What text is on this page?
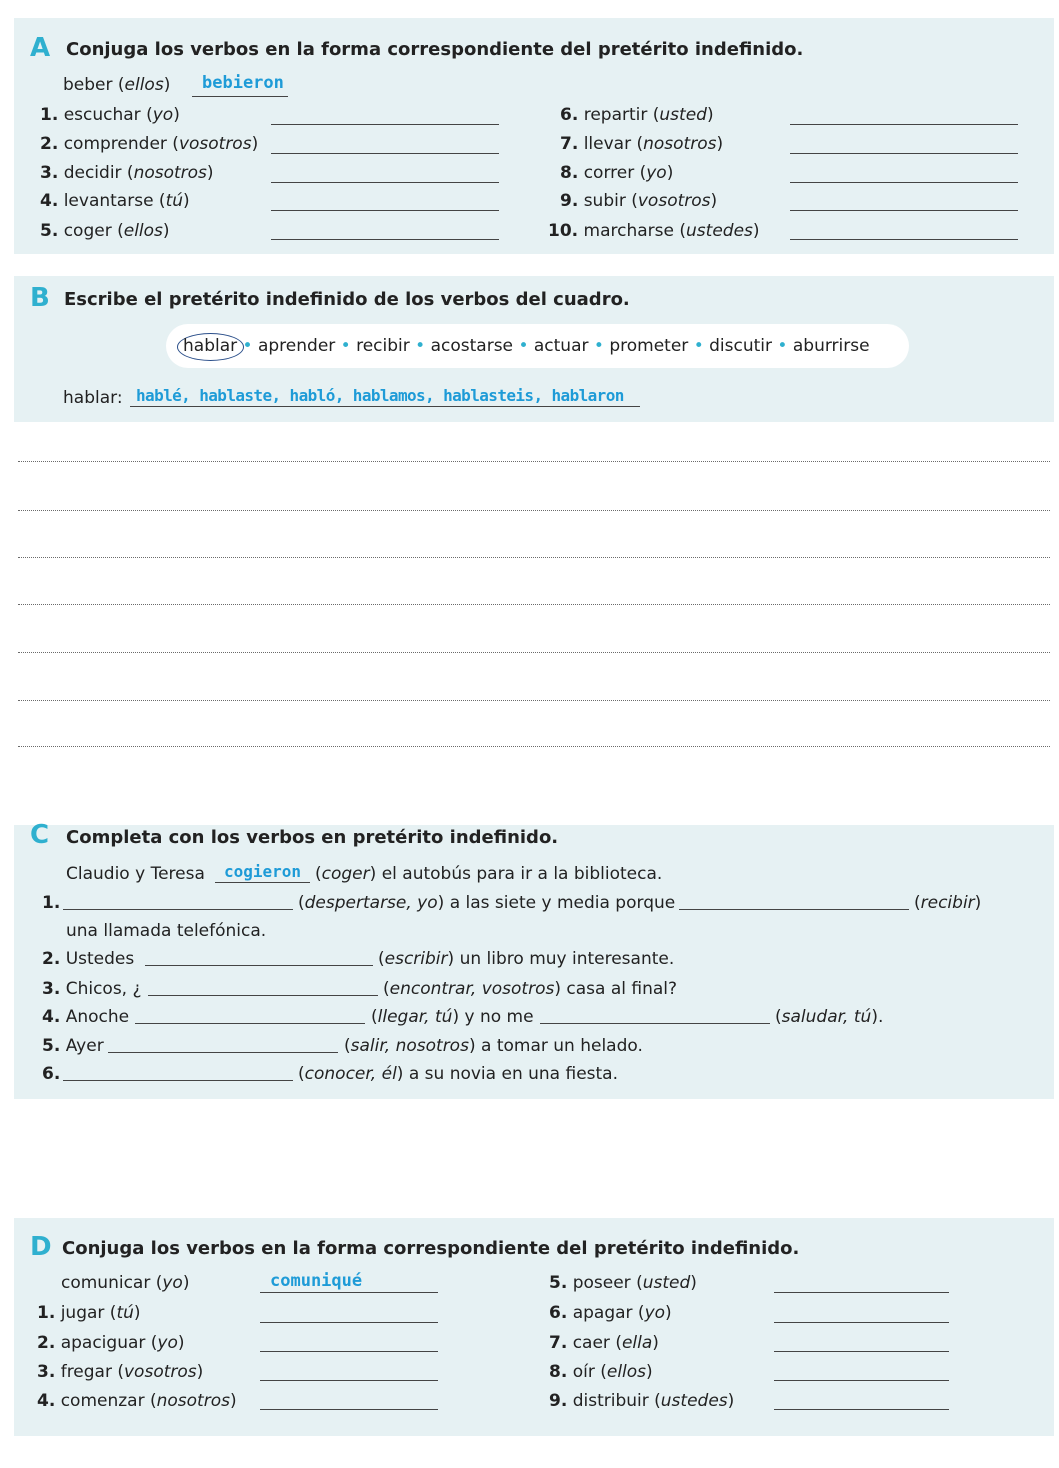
A Conjuga los verbos en la forma correspondiente del pretérito indefinido.
beber (ellos) bebieron
1. escuchar (yo)
2. comprender (vosotros)
3. decidir (nosotros)
4. levantarse (tú)
5. coger (ellos)
6. repartir (usted)
7. llevar (nosotros)
8. correr (yo)
9. subir (vosotros)
10. marcharse (ustedes)
B Escribe el pretérito indefinido de los verbos del cuadro.
hablar • aprender • recibir • acostarse • actuar • prometer • discutir • aburrirse
hablar: hablé, hablaste, habló, hablamos, hablasteis, hablaron
C Completa con los verbos en pretérito indefinido.
Claudio y Teresa cogieron (coger) el autobús para ir a la biblioteca.
1.	(despertarse, yo) a las siete y media porque	(recibir)
una llamada telefónica.
2. Ustedes	(escribir) un libro muy interesante.
3. Chicos, ¿	(encontrar, vosotros) casa al final?
4. Anoche	(llegar, tú) y no me	(saludar, tú).
5. Ayer	(salir, nosotros) a tomar un helado.
6.	(conocer, él) a su novia en una fiesta.
D Conjuga los verbos en la forma correspondiente del pretérito indefinido.
comunicar (yo)	comuniqué
1. jugar (tú)
2. apaciguar (yo)
3. fregar (vosotros)
4. comenzar (nosotros)
5. poseer (usted)
6. apagar (yo)
7. caer (ella)
8. oír (ellos)
9. distribuir (ustedes)
